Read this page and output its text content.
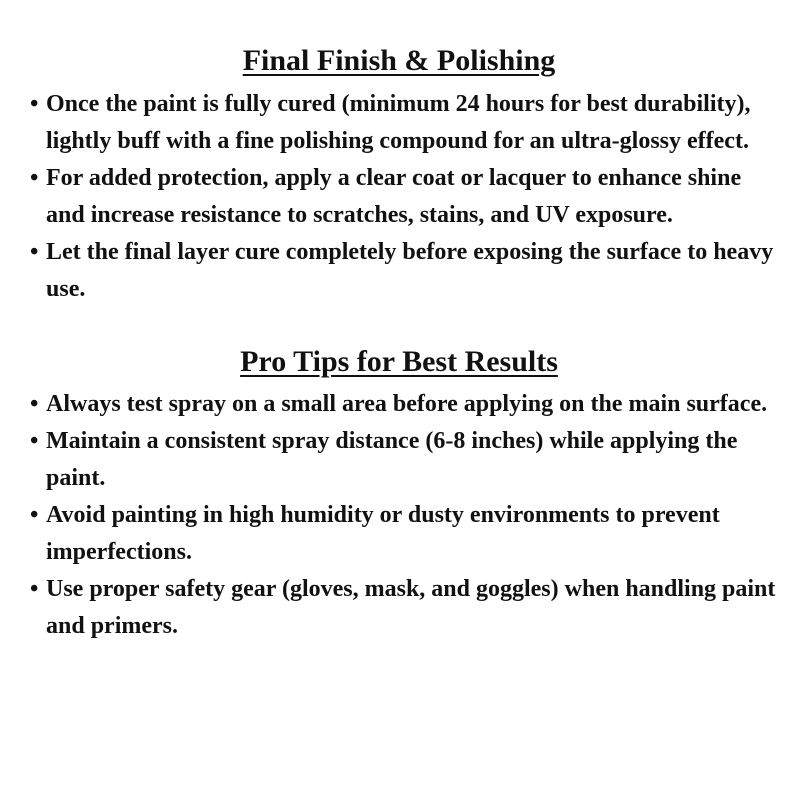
Final Finish & Polishing
• Once the paint is fully cured (minimum 24 hours for best durability), lightly buff with a fine polishing compound for an ultra-glossy effect.
• For added protection, apply a clear coat or lacquer to enhance shine and increase resistance to scratches, stains, and UV exposure.
• Let the final layer cure completely before exposing the surface to heavy use.
Pro Tips for Best Results
• Always test spray on a small area before applying on the main surface.
• Maintain a consistent spray distance (6-8 inches) while applying the paint.
• Avoid painting in high humidity or dusty environments to prevent imperfections.
• Use proper safety gear (gloves, mask, and goggles) when handling paint and primers.
